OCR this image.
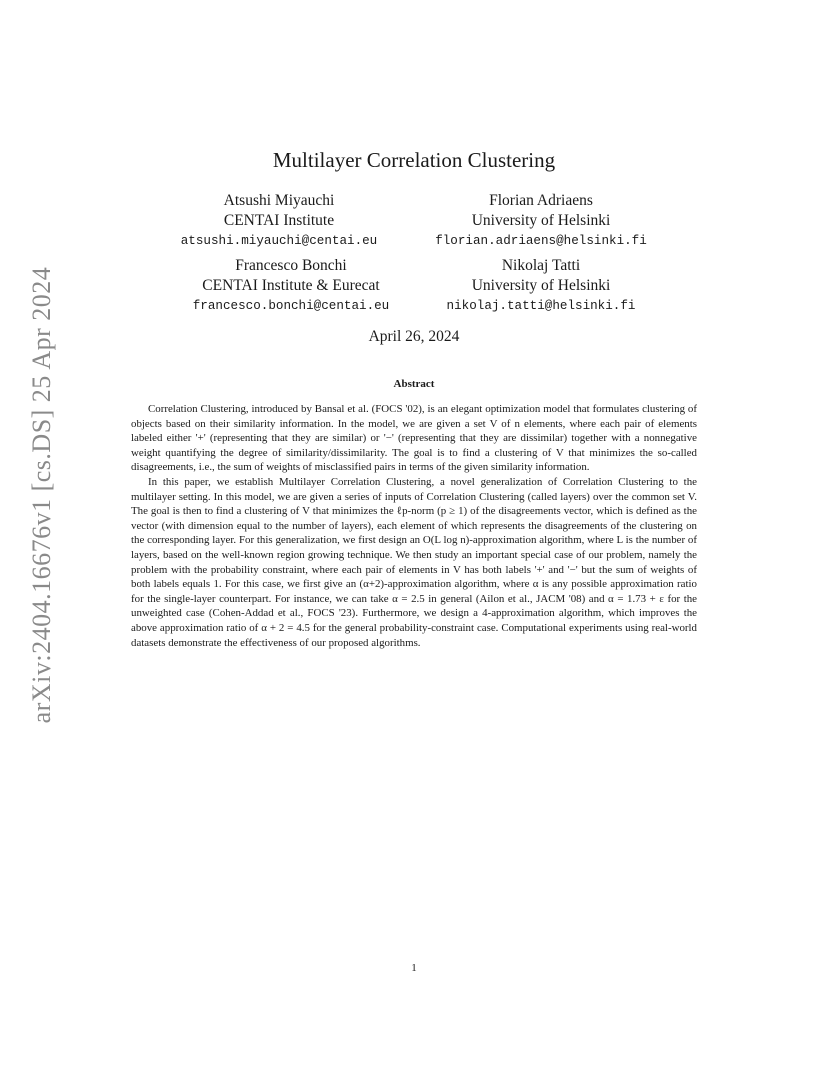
arXiv:2404.16676v1 [cs.DS] 25 Apr 2024
Multilayer Correlation Clustering
Atsushi Miyauchi
CENTAI Institute
atsushi.miyauchi@centai.eu
Florian Adriaens
University of Helsinki
florian.adriaens@helsinki.fi
Francesco Bonchi
CENTAI Institute & Eurecat
francesco.bonchi@centai.eu
Nikolaj Tatti
University of Helsinki
nikolaj.tatti@helsinki.fi
April 26, 2024
Abstract

Correlation Clustering, introduced by Bansal et al. (FOCS '02), is an elegant optimization model that formulates clustering of objects based on their similarity information. In the model, we are given a set V of n elements, where each pair of elements labeled either '+' (representing that they are similar) or '−' (representing that they are dissimilar) together with a nonnegative weight quantifying the degree of similarity/dissimilarity. The goal is to find a clustering of V that minimizes the so-called disagreements, i.e., the sum of weights of misclassified pairs in terms of the given similarity information.

In this paper, we establish Multilayer Correlation Clustering, a novel generalization of Correlation Clustering to the multilayer setting. In this model, we are given a series of inputs of Correlation Clustering (called layers) over the common set V. The goal is then to find a clustering of V that minimizes the ℓp-norm (p ≥ 1) of the disagreements vector, which is defined as the vector (with dimension equal to the number of layers), each element of which represents the disagreements of the clustering on the corresponding layer. For this generalization, we first design an O(L log n)-approximation algorithm, where L is the number of layers, based on the well-known region growing technique. We then study an important special case of our problem, namely the problem with the probability constraint, where each pair of elements in V has both labels '+' and '−' but the sum of weights of both labels equals 1. For this case, we first give an (α+2)-approximation algorithm, where α is any possible approximation ratio for the single-layer counterpart. For instance, we can take α = 2.5 in general (Ailon et al., JACM '08) and α = 1.73 + ε for the unweighted case (Cohen-Addad et al., FOCS '23). Furthermore, we design a 4-approximation algorithm, which improves the above approximation ratio of α + 2 = 4.5 for the general probability-constraint case. Computational experiments using real-world datasets demonstrate the effectiveness of our proposed algorithms.

1
